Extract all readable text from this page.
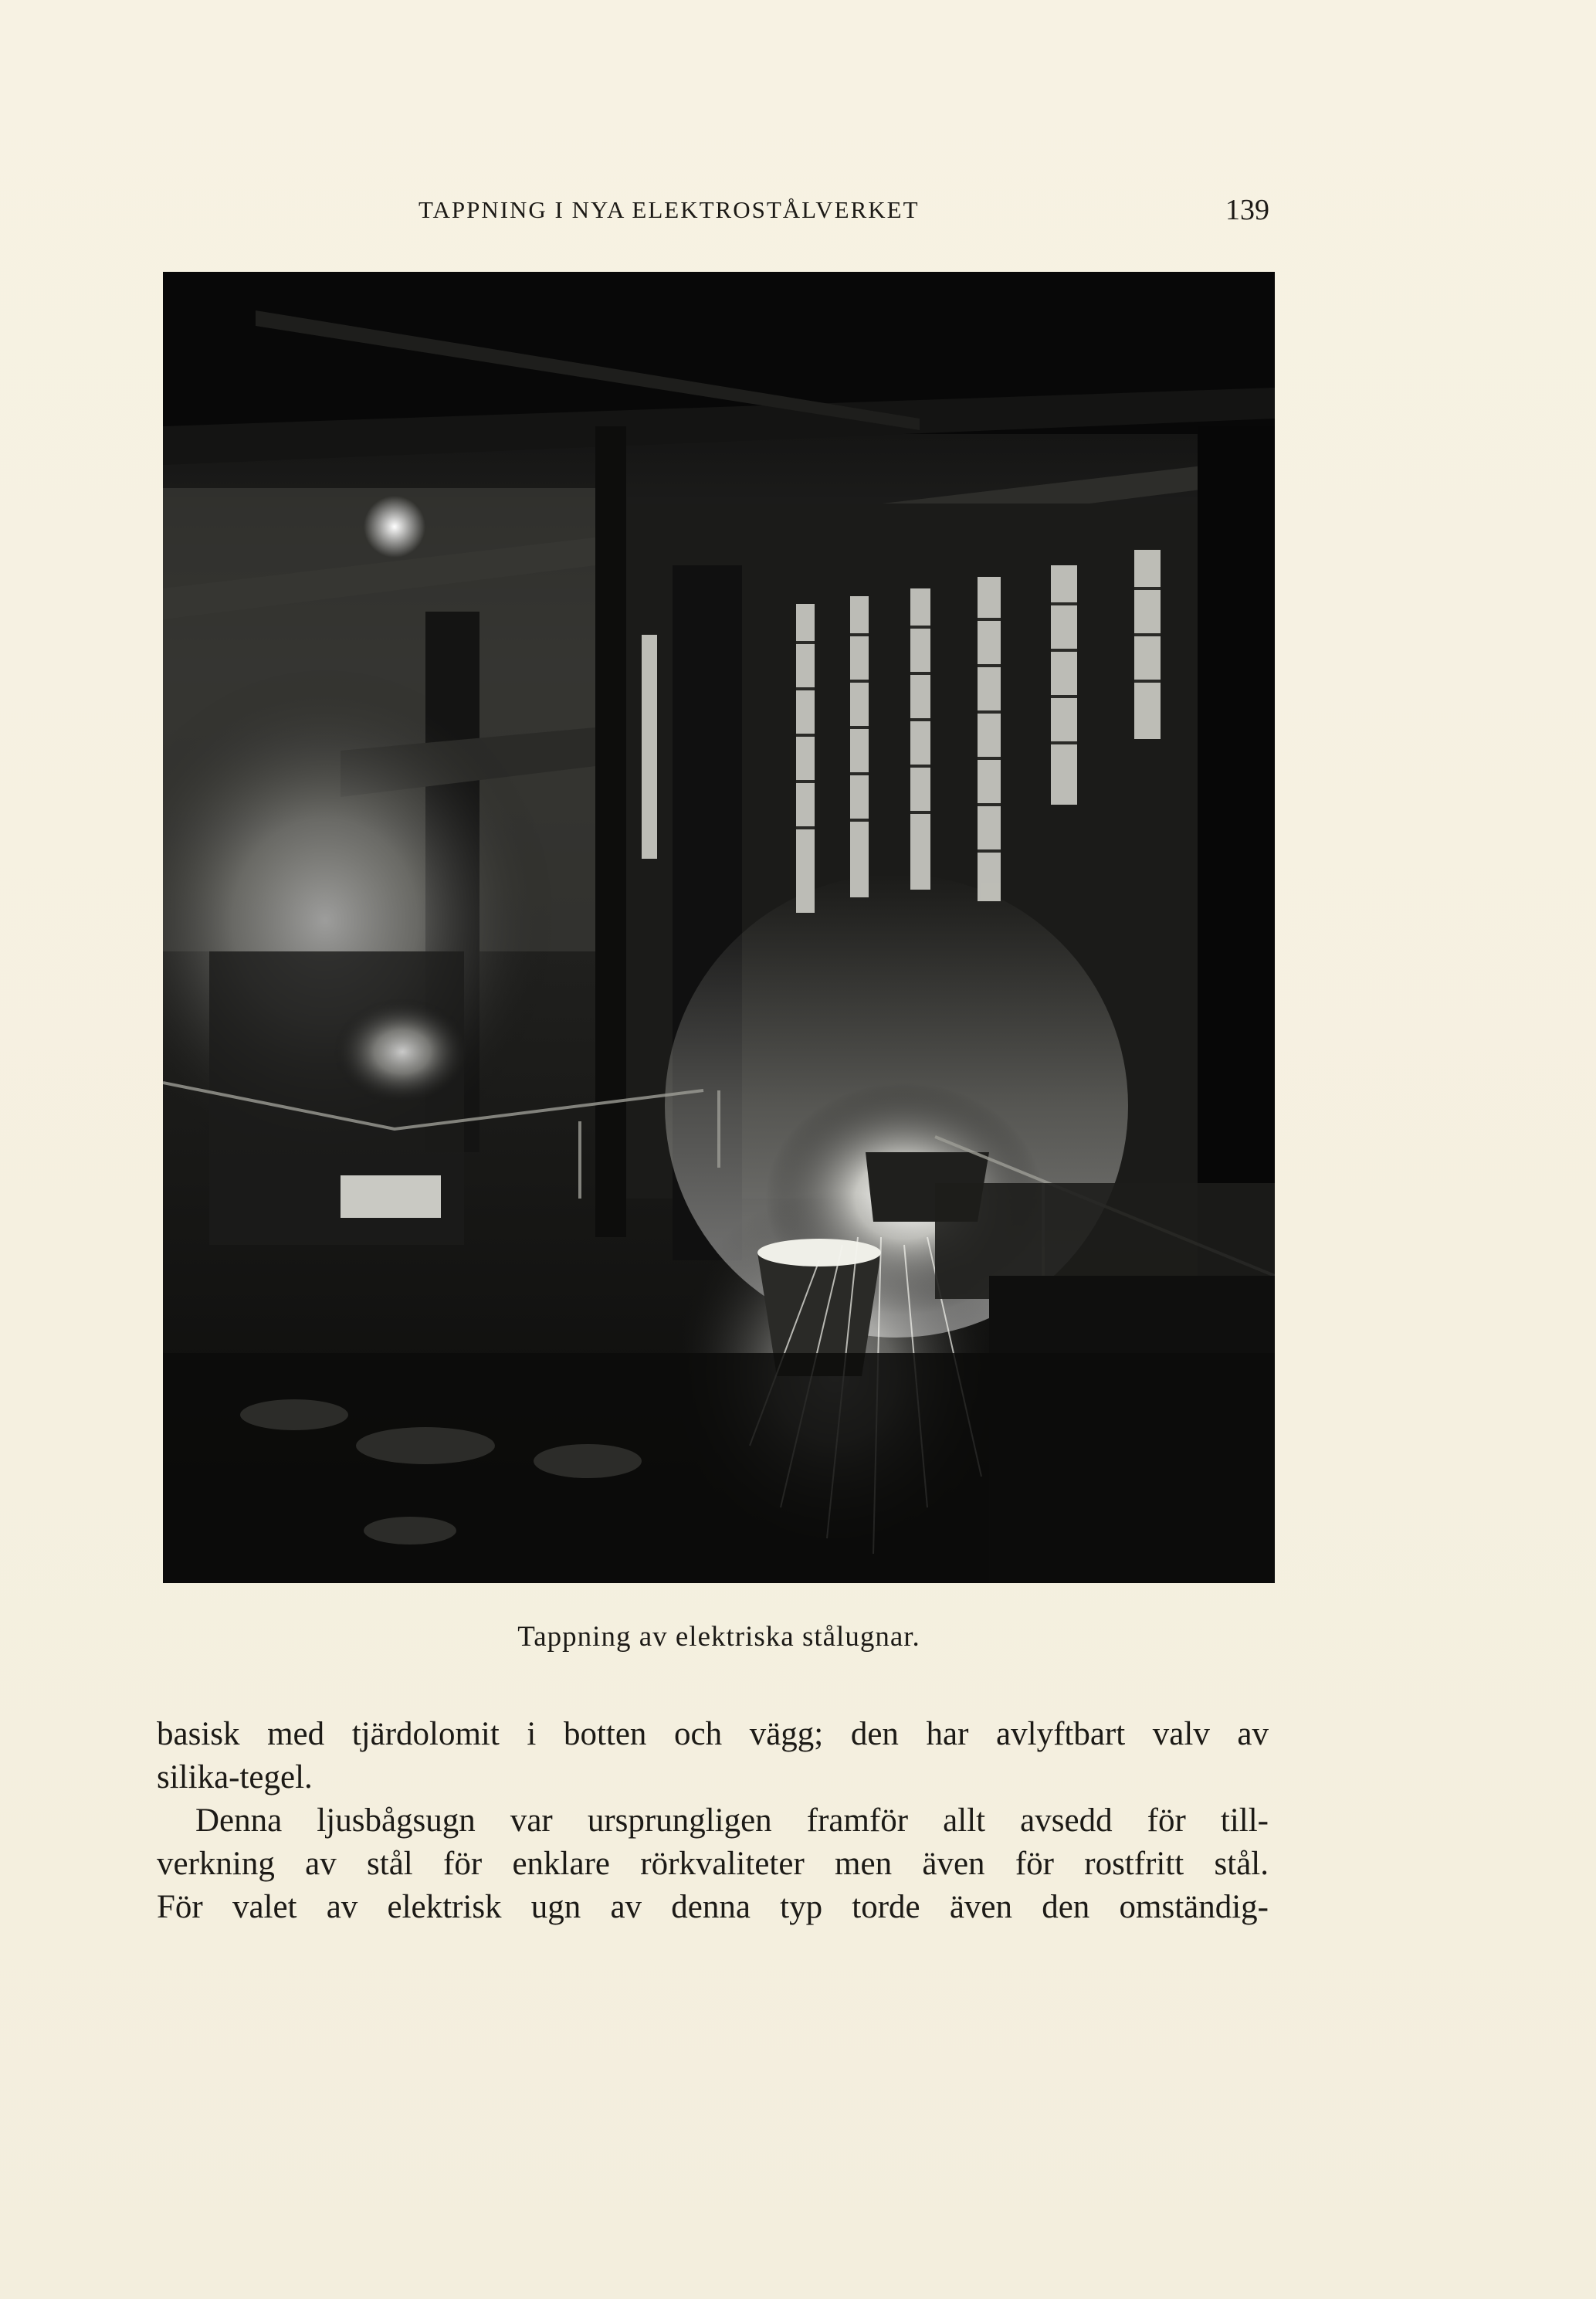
TAPPNING I NYA ELEKTROSTÅLVERKET	139
Tappning av elektriska stålugnar.

basisk med tjärdolomit i botten och vägg; den har avlyftbart valv av
silika-tegel.

Denna ljusbågsugn var ursprungligen framför allt avsedd för till-
verkning av stål för enklare rörkvaliteter men även för rostfritt stål.
För valet av elektrisk ugn av denna typ torde även den omständig-
